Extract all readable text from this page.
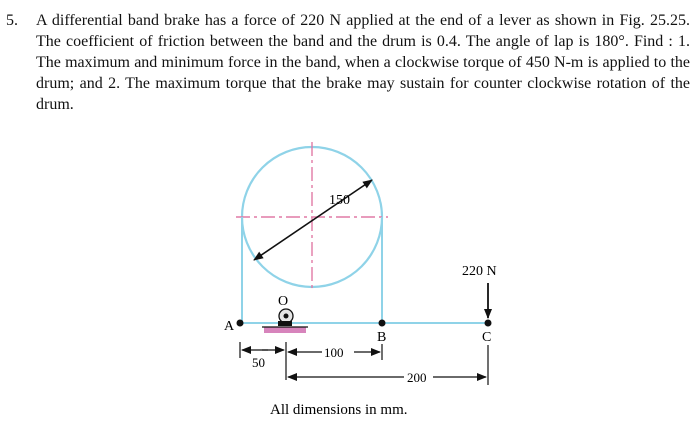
5. A differential band brake has a force of 220 N applied at the end of a lever as shown in Fig. 25.25. The coefficient of friction between the band and the drum is 0.4. The angle of lap is 180°. Find : 1. The maximum and minimum force in the band, when a clockwise torque of 450 N-m is applied to the drum; and 2. The maximum torque that the brake may sustain for counter clockwise rotation of the drum.
150
220 N
O
A
B	C
50
100
200
All dimensions in mm.
